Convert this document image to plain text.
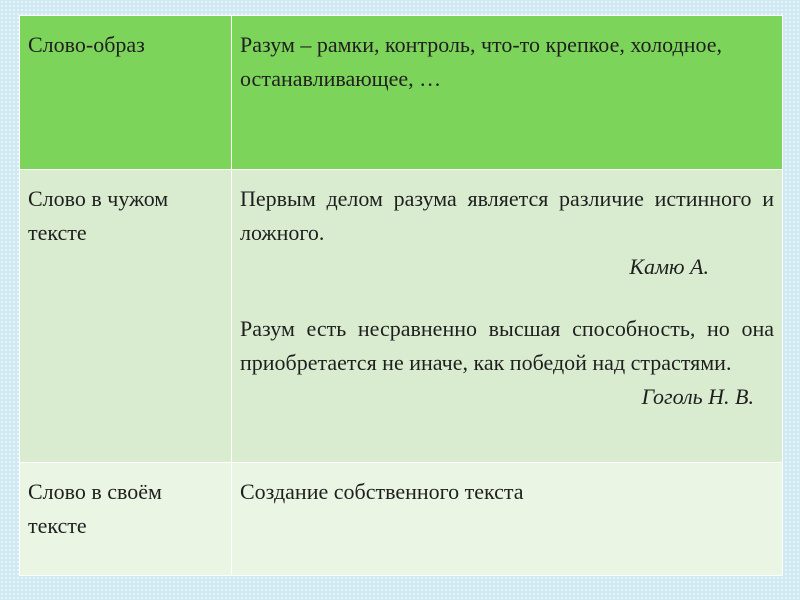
Слово-образ	Разум – рамки, контроль, что-то крепкое, холодное, останавливающее, …

Слово в чужом тексте	Первым делом разума является различие истинного и ложного.

Камю А.

Разум есть несравненно высшая способность, но она приобретается не иначе, как победой над страстями.

Гоголь Н. В.

Слово в своём тексте	Создание собственного текста
